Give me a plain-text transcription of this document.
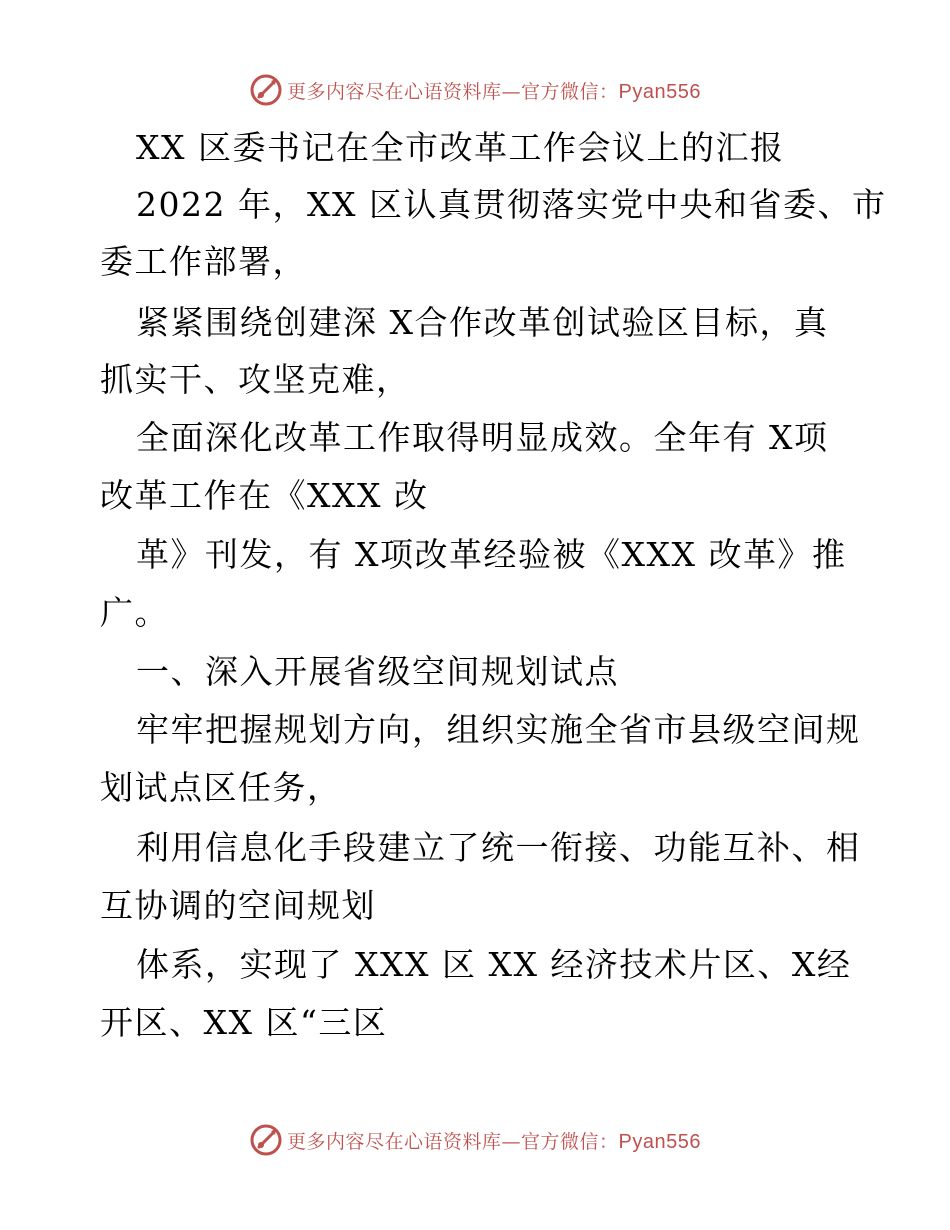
更多内容尽在心语资料库—官方微信：Pyan556
XX 区委书记在全市改革工作会议上的汇报
2022 年，XX 区认真贯彻落实党中央和省委、市
委工作部署，
紧紧围绕创建深 X合作改革创试验区目标，真
抓实干、攻坚克难，
全面深化改革工作取得明显成效。全年有 X项
改革工作在《XXX 改
革》刊发，有 X项改革经验被《XXX 改革》推
广。
一、深入开展省级空间规划试点
牢牢把握规划方向，组织实施全省市县级空间规
划试点区任务，
利用信息化手段建立了统一衔接、功能互补、相
互协调的空间规划
体系，实现了 XXX 区 XX 经济技术片区、X经
开区、XX 区“三区
更多内容尽在心语资料库—官方微信：Pyan556
